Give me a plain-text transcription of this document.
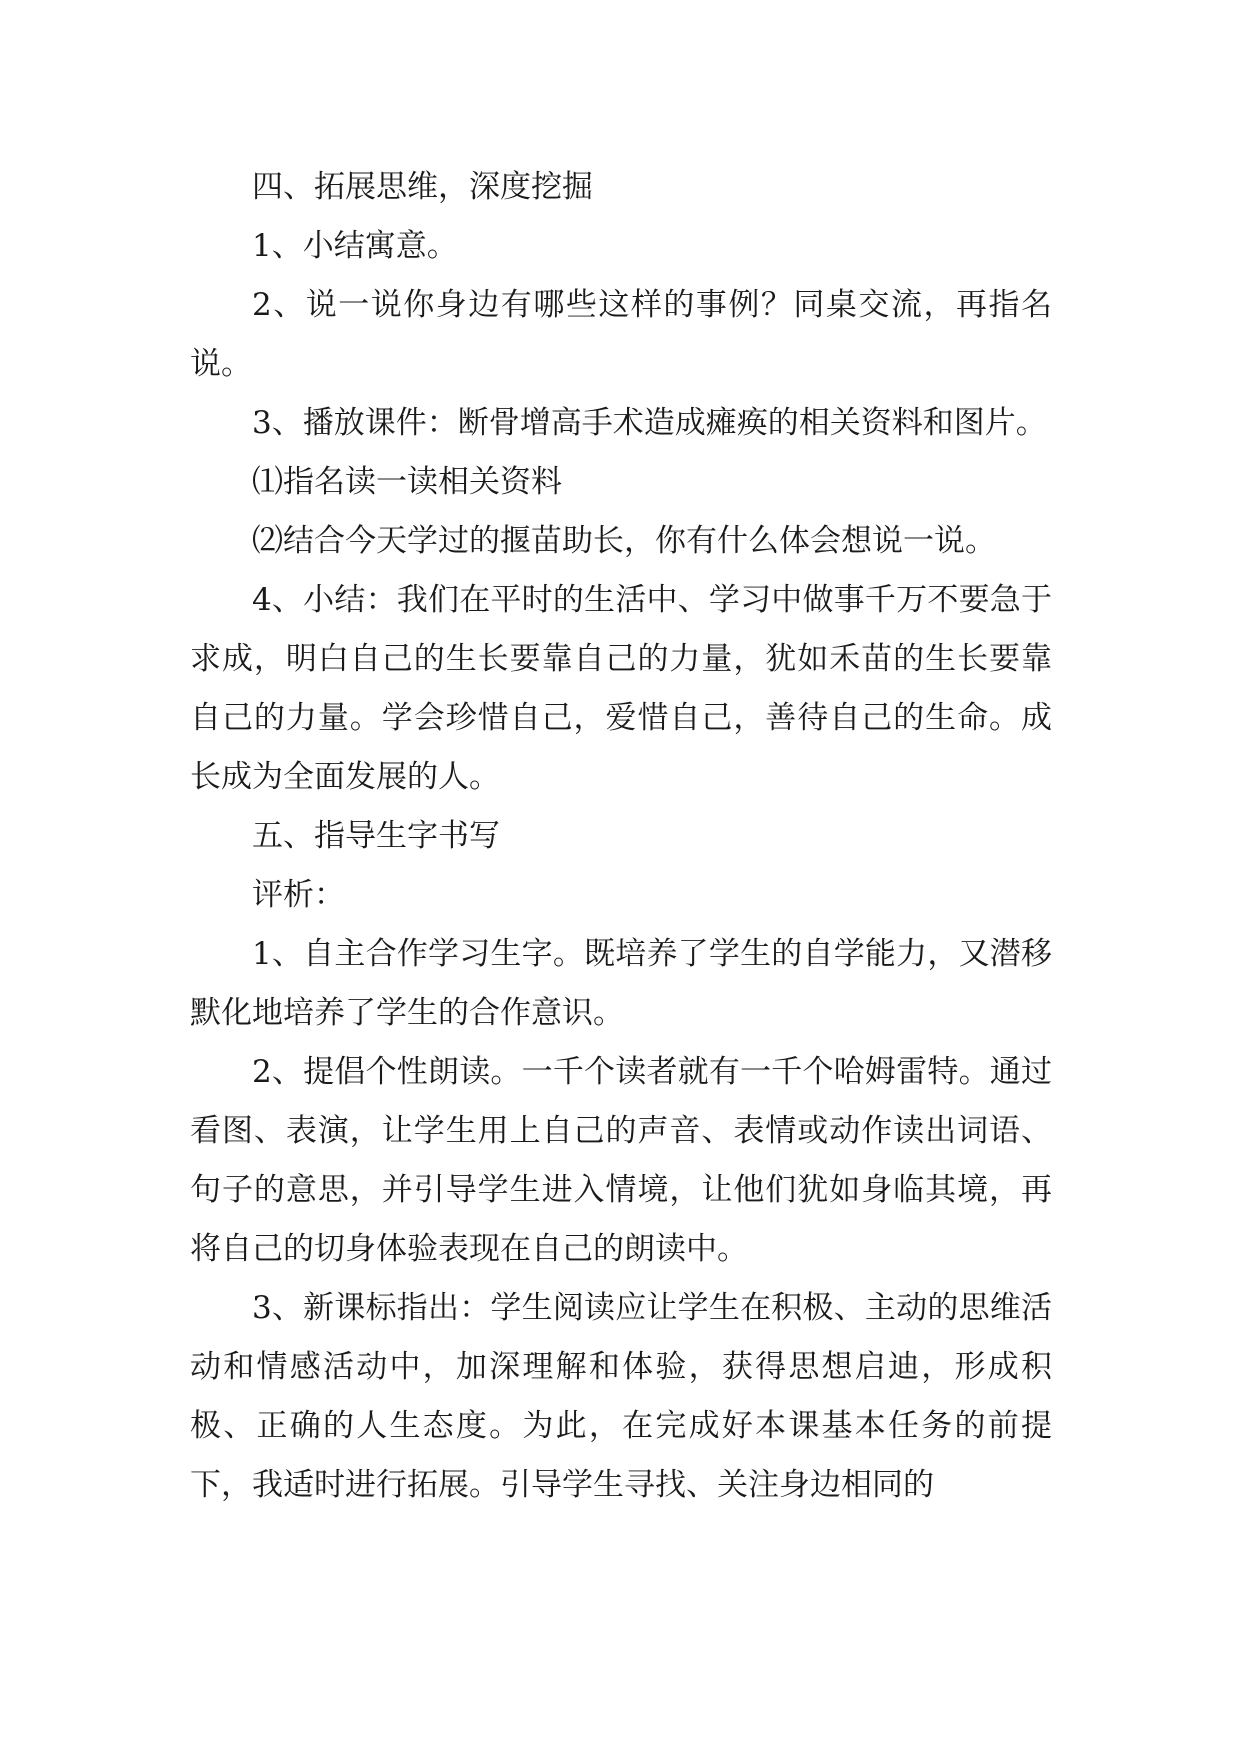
四、拓展思维，深度挖掘

1、小结寓意。

2、说一说你身边有哪些这样的事例？同桌交流，再指名说。

3、播放课件：断骨增高手术造成瘫痪的相关资料和图片。

⑴指名读一读相关资料

⑵结合今天学过的揠苗助长，你有什么体会想说一说。

4、小结：我们在平时的生活中、学习中做事千万不要急于求成，明白自己的生长要靠自己的力量，犹如禾苗的生长要靠自己的力量。学会珍惜自己，爱惜自己，善待自己的生命。成长成为全面发展的人。

五、指导生字书写

评析：

1、自主合作学习生字。既培养了学生的自学能力，又潜移默化地培养了学生的合作意识。

2、提倡个性朗读。一千个读者就有一千个哈姆雷特。通过看图、表演，让学生用上自己的声音、表情或动作读出词语、句子的意思，并引导学生进入情境，让他们犹如身临其境，再将自己的切身体验表现在自己的朗读中。

3、新课标指出：学生阅读应让学生在积极、主动的思维活动和情感活动中，加深理解和体验，获得思想启迪，形成积极、正确的人生态度。为此，在完成好本课基本任务的前提下，我适时进行拓展。引导学生寻找、关注身边相同的
